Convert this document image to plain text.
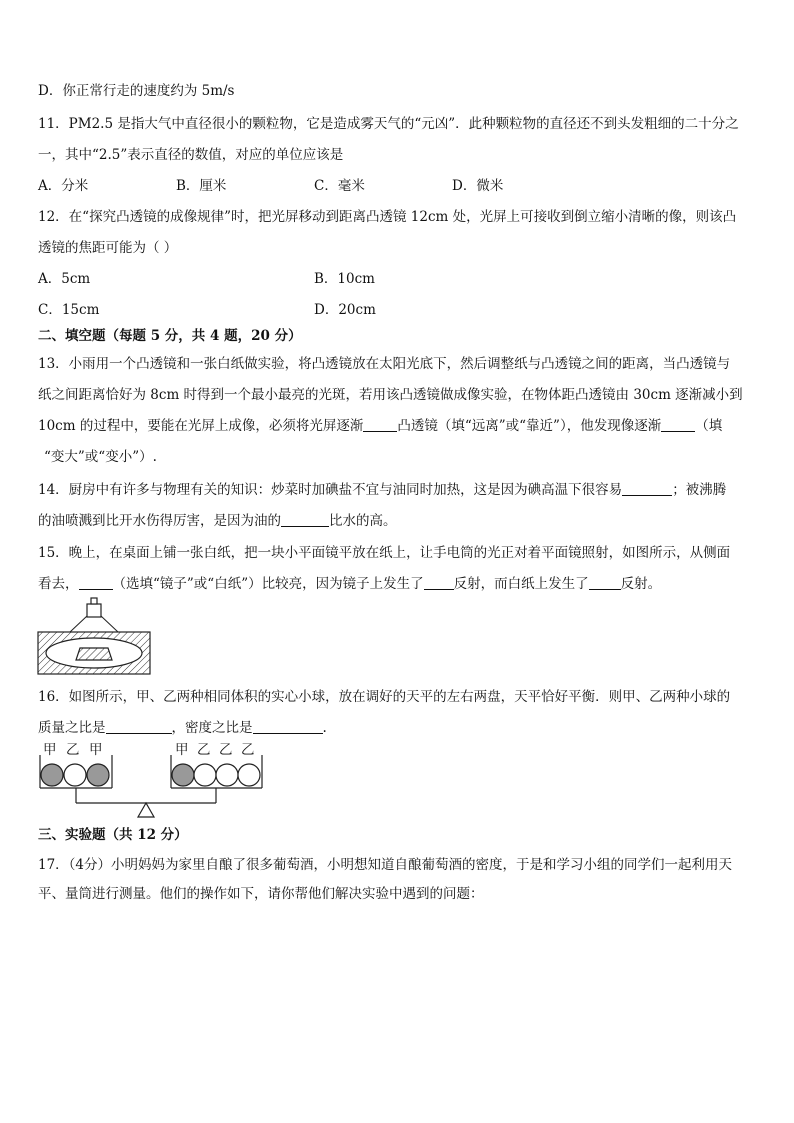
D．你正常行走的速度约为 5m/s
11．PM2.5 是指大气中直径很小的颗粒物，它是造成雾天气的“元凶”．此种颗粒物的直径还不到头发粗细的二十分之
一，其中“2.5”表示直径的数值，对应的单位应该是
A．分米	B．厘米	C．毫米	D．微米
12．在“探究凸透镜的成像规律”时，把光屏移动到距离凸透镜 12cm 处，光屏上可接收到倒立缩小清晰的像，则该凸
透镜的焦距可能为（ ）
A．5cm	B．10cm
C．15cm	D．20cm
二、填空题（每题 5 分，共 4 题，20 分）
13．小雨用一个凸透镜和一张白纸做实验，将凸透镜放在太阳光底下，然后调整纸与凸透镜之间的距离，当凸透镜与
纸之间距离恰好为 8cm 时得到一个最小最亮的光斑，若用该凸透镜做成像实验，在物体距凸透镜由 30cm 逐渐减小到
10cm 的过程中，要能在光屏上成像，必须将光屏逐渐	凸透镜（填“远离”或“靠近”），他发现像逐渐	（填
“变大”或“变小”）.
14．厨房中有许多与物理有关的知识：炒菜时加碘盐不宜与油同时加热，这是因为碘高温下很容易	；被沸腾
的油喷溅到比开水伤得厉害，是因为油的	比水的高。
15．晚上，在桌面上铺一张白纸，把一块小平面镜平放在纸上，让手电筒的光正对着平面镜照射，如图所示，从侧面
看去，	（选填“镜子”或“白纸”）比较亮，因为镜子上发生了 反射，而白纸上发生了 反射。
16．如图所示，甲、乙两种相同体积的实心小球，放在调好的天平的左右两盘，天平恰好平衡．则甲、乙两种小球的
质量之比是	，密度之比是	.
甲 乙 甲	甲 乙 乙 乙
三、实验题（共 12 分）
17．（4分）小明妈妈为家里自酿了很多葡萄酒，小明想知道自酿葡萄酒的密度，于是和学习小组的同学们一起利用天
平、量筒进行测量。他们的操作如下，请你帮他们解决实验中遇到的问题：
